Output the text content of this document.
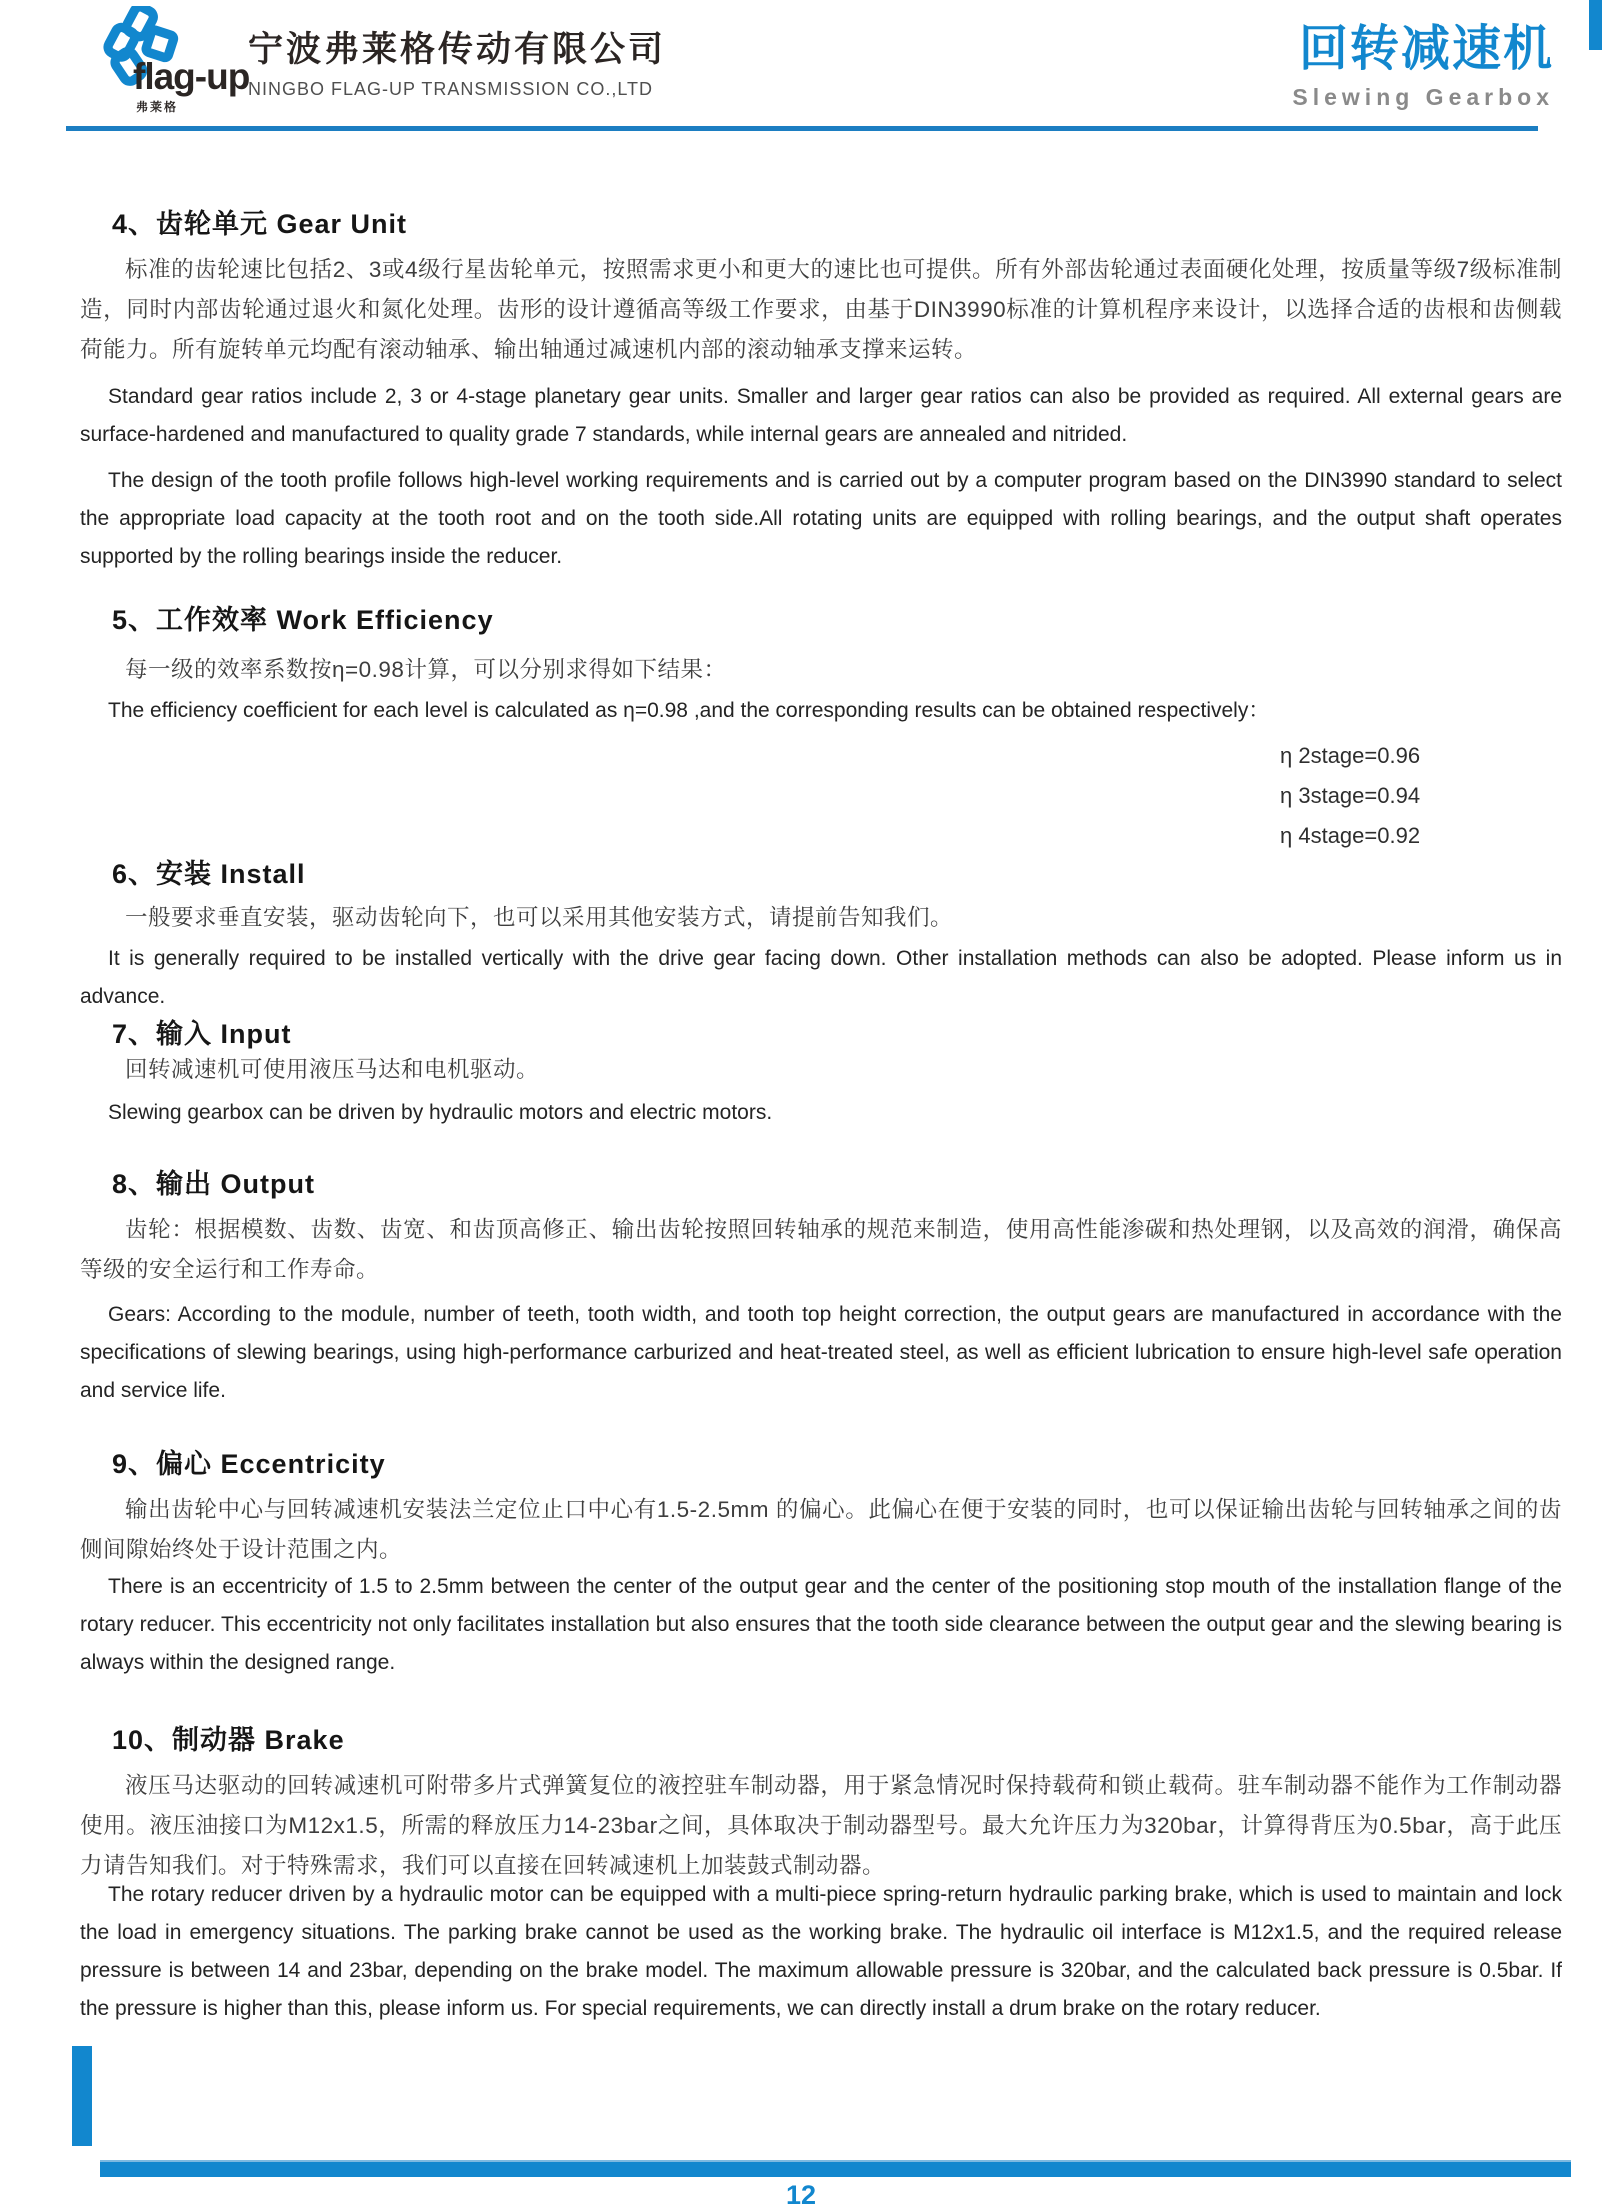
flag-up
弗莱格
宁波弗莱格传动有限公司
NINGBO FLAG-UP TRANSMISSION CO.,LTD
回转减速机
Slewing Gearbox
4、齿轮单元 Gear Unit
标准的齿轮速比包括2、3或4级行星齿轮单元，按照需求更小和更大的速比也可提供。所有外部齿轮通过表面硬化处理，按质量等级7级标准制造，同时内部齿轮通过退火和氮化处理。齿形的设计遵循高等级工作要求，由基于DIN3990标准的计算机程序来设计，以选择合适的齿根和齿侧载荷能力。所有旋转单元均配有滚动轴承、输出轴通过减速机内部的滚动轴承支撑来运转。
Standard gear ratios include 2, 3 or 4-stage planetary gear units. Smaller and larger gear ratios can also be provided as required. All external gears are surface-hardened and manufactured to quality grade 7 standards, while internal gears are annealed and nitrided.
The design of the tooth profile follows high-level working requirements and is carried out by a computer program based on the DIN3990 standard to select the appropriate load capacity at the tooth root and on the tooth side.All rotating units are equipped with rolling bearings, and the output shaft operates supported by the rolling bearings inside the reducer.
5、工作效率 Work Efficiency
每一级的效率系数按η=0.98计算，可以分别求得如下结果：
The efficiency coefficient for each level is calculated as η=0.98 ,and the corresponding results can be obtained respectively：
η 2stage=0.96
η 3stage=0.94
η 4stage=0.92
6、安装 Install
一般要求垂直安装，驱动齿轮向下，也可以采用其他安装方式，请提前告知我们。
It is generally required to be installed vertically with the drive gear facing down. Other installation methods can also be adopted. Please inform us in advance.
7、输入 Input
回转减速机可使用液压马达和电机驱动。
Slewing gearbox can be driven by hydraulic motors and electric motors.
8、输出 Output
齿轮：根据模数、齿数、齿宽、和齿顶高修正、输出齿轮按照回转轴承的规范来制造，使用高性能渗碳和热处理钢，以及高效的润滑，确保高等级的安全运行和工作寿命。
Gears: According to the module, number of teeth, tooth width, and tooth top height correction, the output gears are manufactured in accordance with the specifications of slewing bearings, using high-performance carburized and heat-treated steel, as well as efficient lubrication to ensure high-level safe operation and service life.
9、偏心 Eccentricity
输出齿轮中心与回转减速机安装法兰定位止口中心有1.5-2.5mm 的偏心。此偏心在便于安装的同时，也可以保证输出齿轮与回转轴承之间的齿侧间隙始终处于设计范围之内。
There is an eccentricity of 1.5 to 2.5mm between the center of the output gear and the center of the positioning stop mouth of the installation flange of the rotary reducer. This eccentricity not only facilitates installation but also ensures that the tooth side clearance between the output gear and the slewing bearing is always within the designed range.
10、制动器 Brake
液压马达驱动的回转减速机可附带多片式弹簧复位的液控驻车制动器，用于紧急情况时保持载荷和锁止载荷。驻车制动器不能作为工作制动器使用。液压油接口为M12x1.5，所需的释放压力14-23bar之间，具体取决于制动器型号。最大允许压力为320bar，计算得背压为0.5bar，高于此压力请告知我们。对于特殊需求，我们可以直接在回转减速机上加装鼓式制动器。
The rotary reducer driven by a hydraulic motor can be equipped with a multi-piece spring-return hydraulic parking brake, which is used to maintain and lock the load in emergency situations. The parking brake cannot be used as the working brake. The hydraulic oil interface is M12x1.5, and the required release pressure is between 14 and 23bar, depending on the brake model. The maximum allowable pressure is 320bar, and the calculated back pressure is 0.5bar. If the pressure is higher than this, please inform us. For special requirements, we can directly install a drum brake on the rotary reducer.
12
